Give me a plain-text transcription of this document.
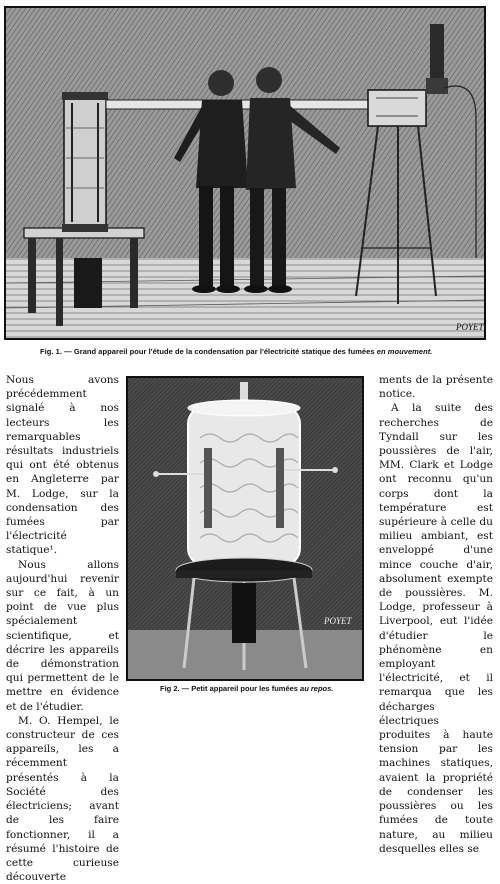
POYET
Fig. 1. — Grand appareil pour l'étude de la condensation par l'électricité statique des fumées en mouvement.

Nous avons précédemment signalé à nos lecteurs les remarquables résultats industriels qui ont été obtenus en Angleterre par M. Lodge, sur la condensation des fumées par l'électricité statique¹.

Nous allons aujourd'hui revenir sur ce fait, à un point de vue plus spécialement scientifique, et décrire les appareils de démonstration qui permettent de le mettre en évidence et de l'étudier.

M. O. Hempel, le constructeur de ces appareils, les a récemment présentés à la Société des électriciens; avant de les faire fonctionner, il a résumé l'histoire de cette curieuse découverte

POYET
Fig 2. — Petit appareil pour les fumées au repos.

ments de la présente notice.

A la suite des recherches de Tyndall sur les poussières de l'air, MM. Clark et Lodge ont reconnu qu'un corps dont la température est supérieure à celle du milieu ambiant, est enveloppé d'une mince couche d'air, absolument exempte de poussières. M. Lodge, professeur à Liverpool, eut l'idée d'étudier le phénomène en employant l'électricité, et il remarqua que les décharges électriques produites à haute tension par les machines statiques, avaient la propriété de condenser les poussières ou les fumées de toute nature, au milieu desquelles elles se
